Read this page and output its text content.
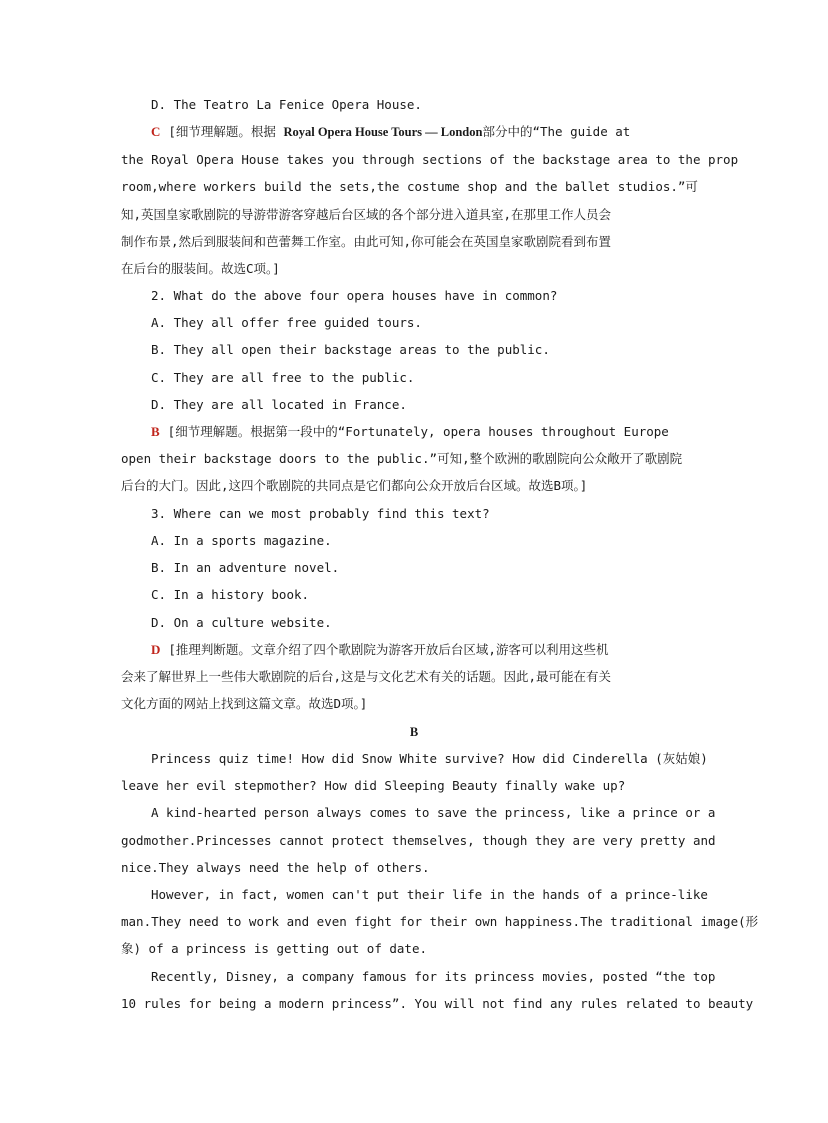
D. The Teatro La Fenice Opera House.
C [细节理解题。根据 Royal Opera House Tours — London部分中的“The guide at
the Royal Opera House takes you through sections of the backstage area to the prop
room,where workers build the sets,the costume shop and the ballet studios.”可
知,英国皇家歌剧院的导游带游客穿越后台区域的各个部分进入道具室,在那里工作人员会
制作布景,然后到服装间和芭蕾舞工作室。由此可知,你可能会在英国皇家歌剧院看到布置
在后台的服装间。故选C项。]
2. What do the above four opera houses have in common?
A. They all offer free guided tours.
B. They all open their backstage areas to the public.
C. They are all free to the public.
D. They are all located in France.
B [细节理解题。根据第一段中的“Fortunately, opera houses throughout Europe
open their backstage doors to the public.”可知,整个欧洲的歌剧院向公众敞开了歌剧院
后台的大门。因此,这四个歌剧院的共同点是它们都向公众开放后台区域。故选B项。]
3. Where can we most probably find this text?
A. In a sports magazine.
B. In an adventure novel.
C. In a history book.
D. On a culture website.
D [推理判断题。文章介绍了四个歌剧院为游客开放后台区域,游客可以利用这些机
会来了解世界上一些伟大歌剧院的后台,这是与文化艺术有关的话题。因此,最可能在有关
文化方面的网站上找到这篇文章。故选D项。]
B
Princess quiz time! How did Snow White survive? How did Cinderella (灰姑娘)
leave her evil stepmother? How did Sleeping Beauty finally wake up?
A kind-hearted person always comes to save the princess, like a prince or a
godmother.Princesses cannot protect themselves, though they are very pretty and
nice.They always need the help of others.
However, in fact, women can't put their life in the hands of a prince-like
man.They need to work and even fight for their own happiness.The traditional image(形
象) of a princess is getting out of date.
Recently, Disney, a company famous for its princess movies, posted “the top
10 rules for being a modern princess”. You will not find any rules related to beauty
